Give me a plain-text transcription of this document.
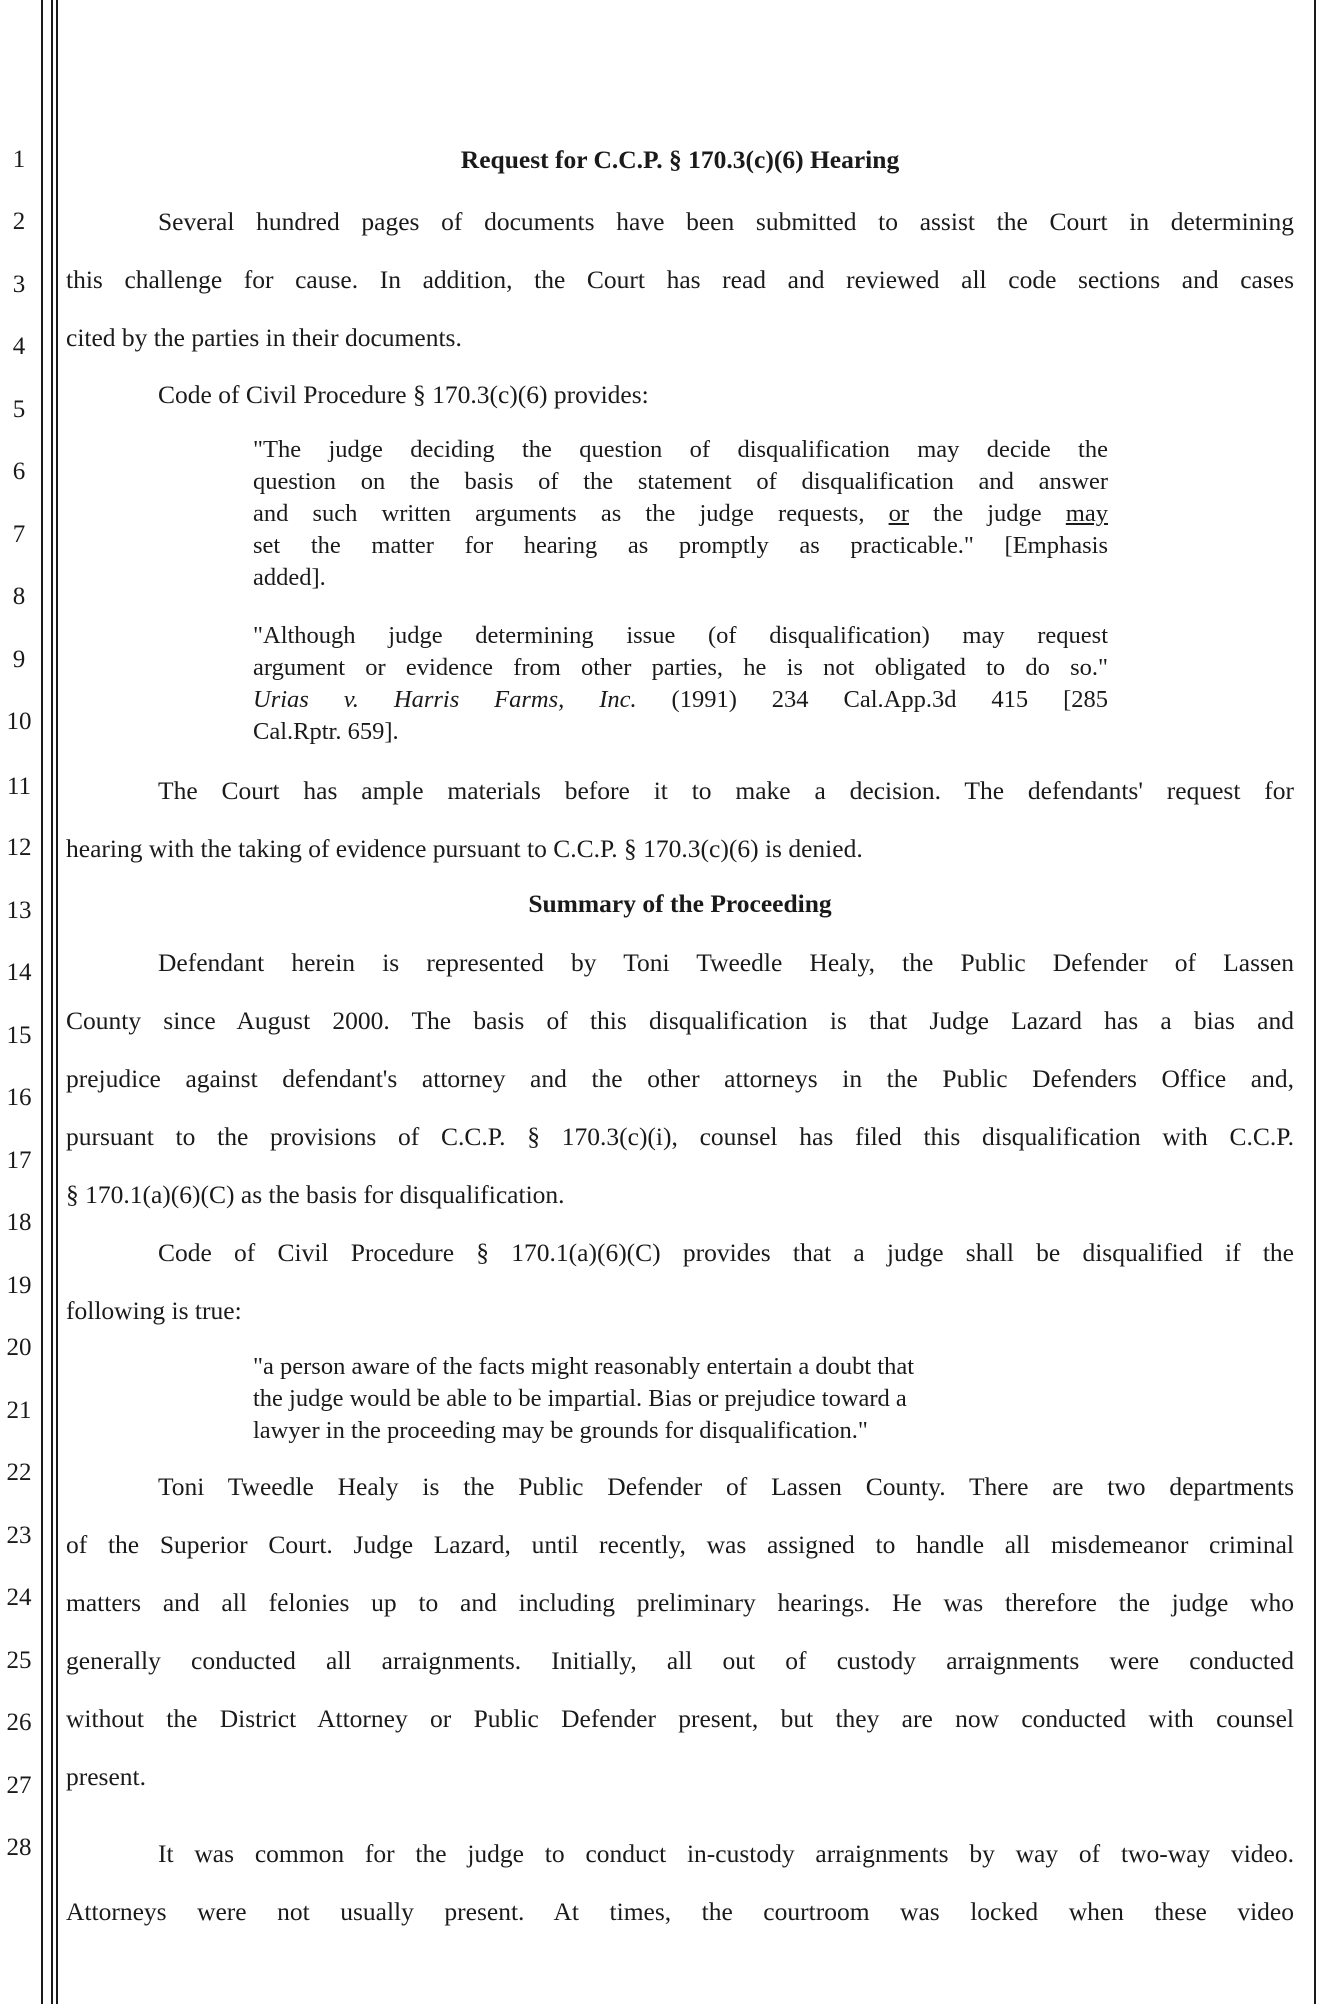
1
2
3
4
5
6
7
8
9
10
11
12
13
14
15
16
17
18
19
20
21
22
23
24
25
26
27
28
Request for C.C.P. § 170.3(c)(6) Hearing
Several hundred pages of documents have been submitted to assist the Court in determining
this challenge for cause. In addition, the Court has read and reviewed all code sections and cases
cited by the parties in their documents.
Code of Civil Procedure § 170.3(c)(6) provides:
"The judge deciding the question of disqualification may decide the
question on the basis of the statement of disqualification and answer
and such written arguments as the judge requests, or the judge may
set the matter for hearing as promptly as practicable." [Emphasis
added].
"Although judge determining issue (of disqualification) may request
argument or evidence from other parties, he is not obligated to do so."
Urias v. Harris Farms, Inc. (1991) 234 Cal.App.3d 415 [285
Cal.Rptr. 659].
The Court has ample materials before it to make a decision. The defendants' request for
hearing with the taking of evidence pursuant to C.C.P. § 170.3(c)(6) is denied.
Summary of the Proceeding
Defendant herein is represented by Toni Tweedle Healy, the Public Defender of Lassen
County since August 2000. The basis of this disqualification is that Judge Lazard has a bias and
prejudice against defendant's attorney and the other attorneys in the Public Defenders Office and,
pursuant to the provisions of C.C.P. § 170.3(c)(i), counsel has filed this disqualification with C.C.P.
§ 170.1(a)(6)(C) as the basis for disqualification.
Code of Civil Procedure § 170.1(a)(6)(C) provides that a judge shall be disqualified if the
following is true:
"a person aware of the facts might reasonably entertain a doubt that
the judge would be able to be impartial. Bias or prejudice toward a
lawyer in the proceeding may be grounds for disqualification."
Toni Tweedle Healy is the Public Defender of Lassen County. There are two departments
of the Superior Court. Judge Lazard, until recently, was assigned to handle all misdemeanor criminal
matters and all felonies up to and including preliminary hearings. He was therefore the judge who
generally conducted all arraignments. Initially, all out of custody arraignments were conducted
without the District Attorney or Public Defender present, but they are now conducted with counsel
present.
It was common for the judge to conduct in-custody arraignments by way of two-way video.
Attorneys were not usually present. At times, the courtroom was locked when these video
